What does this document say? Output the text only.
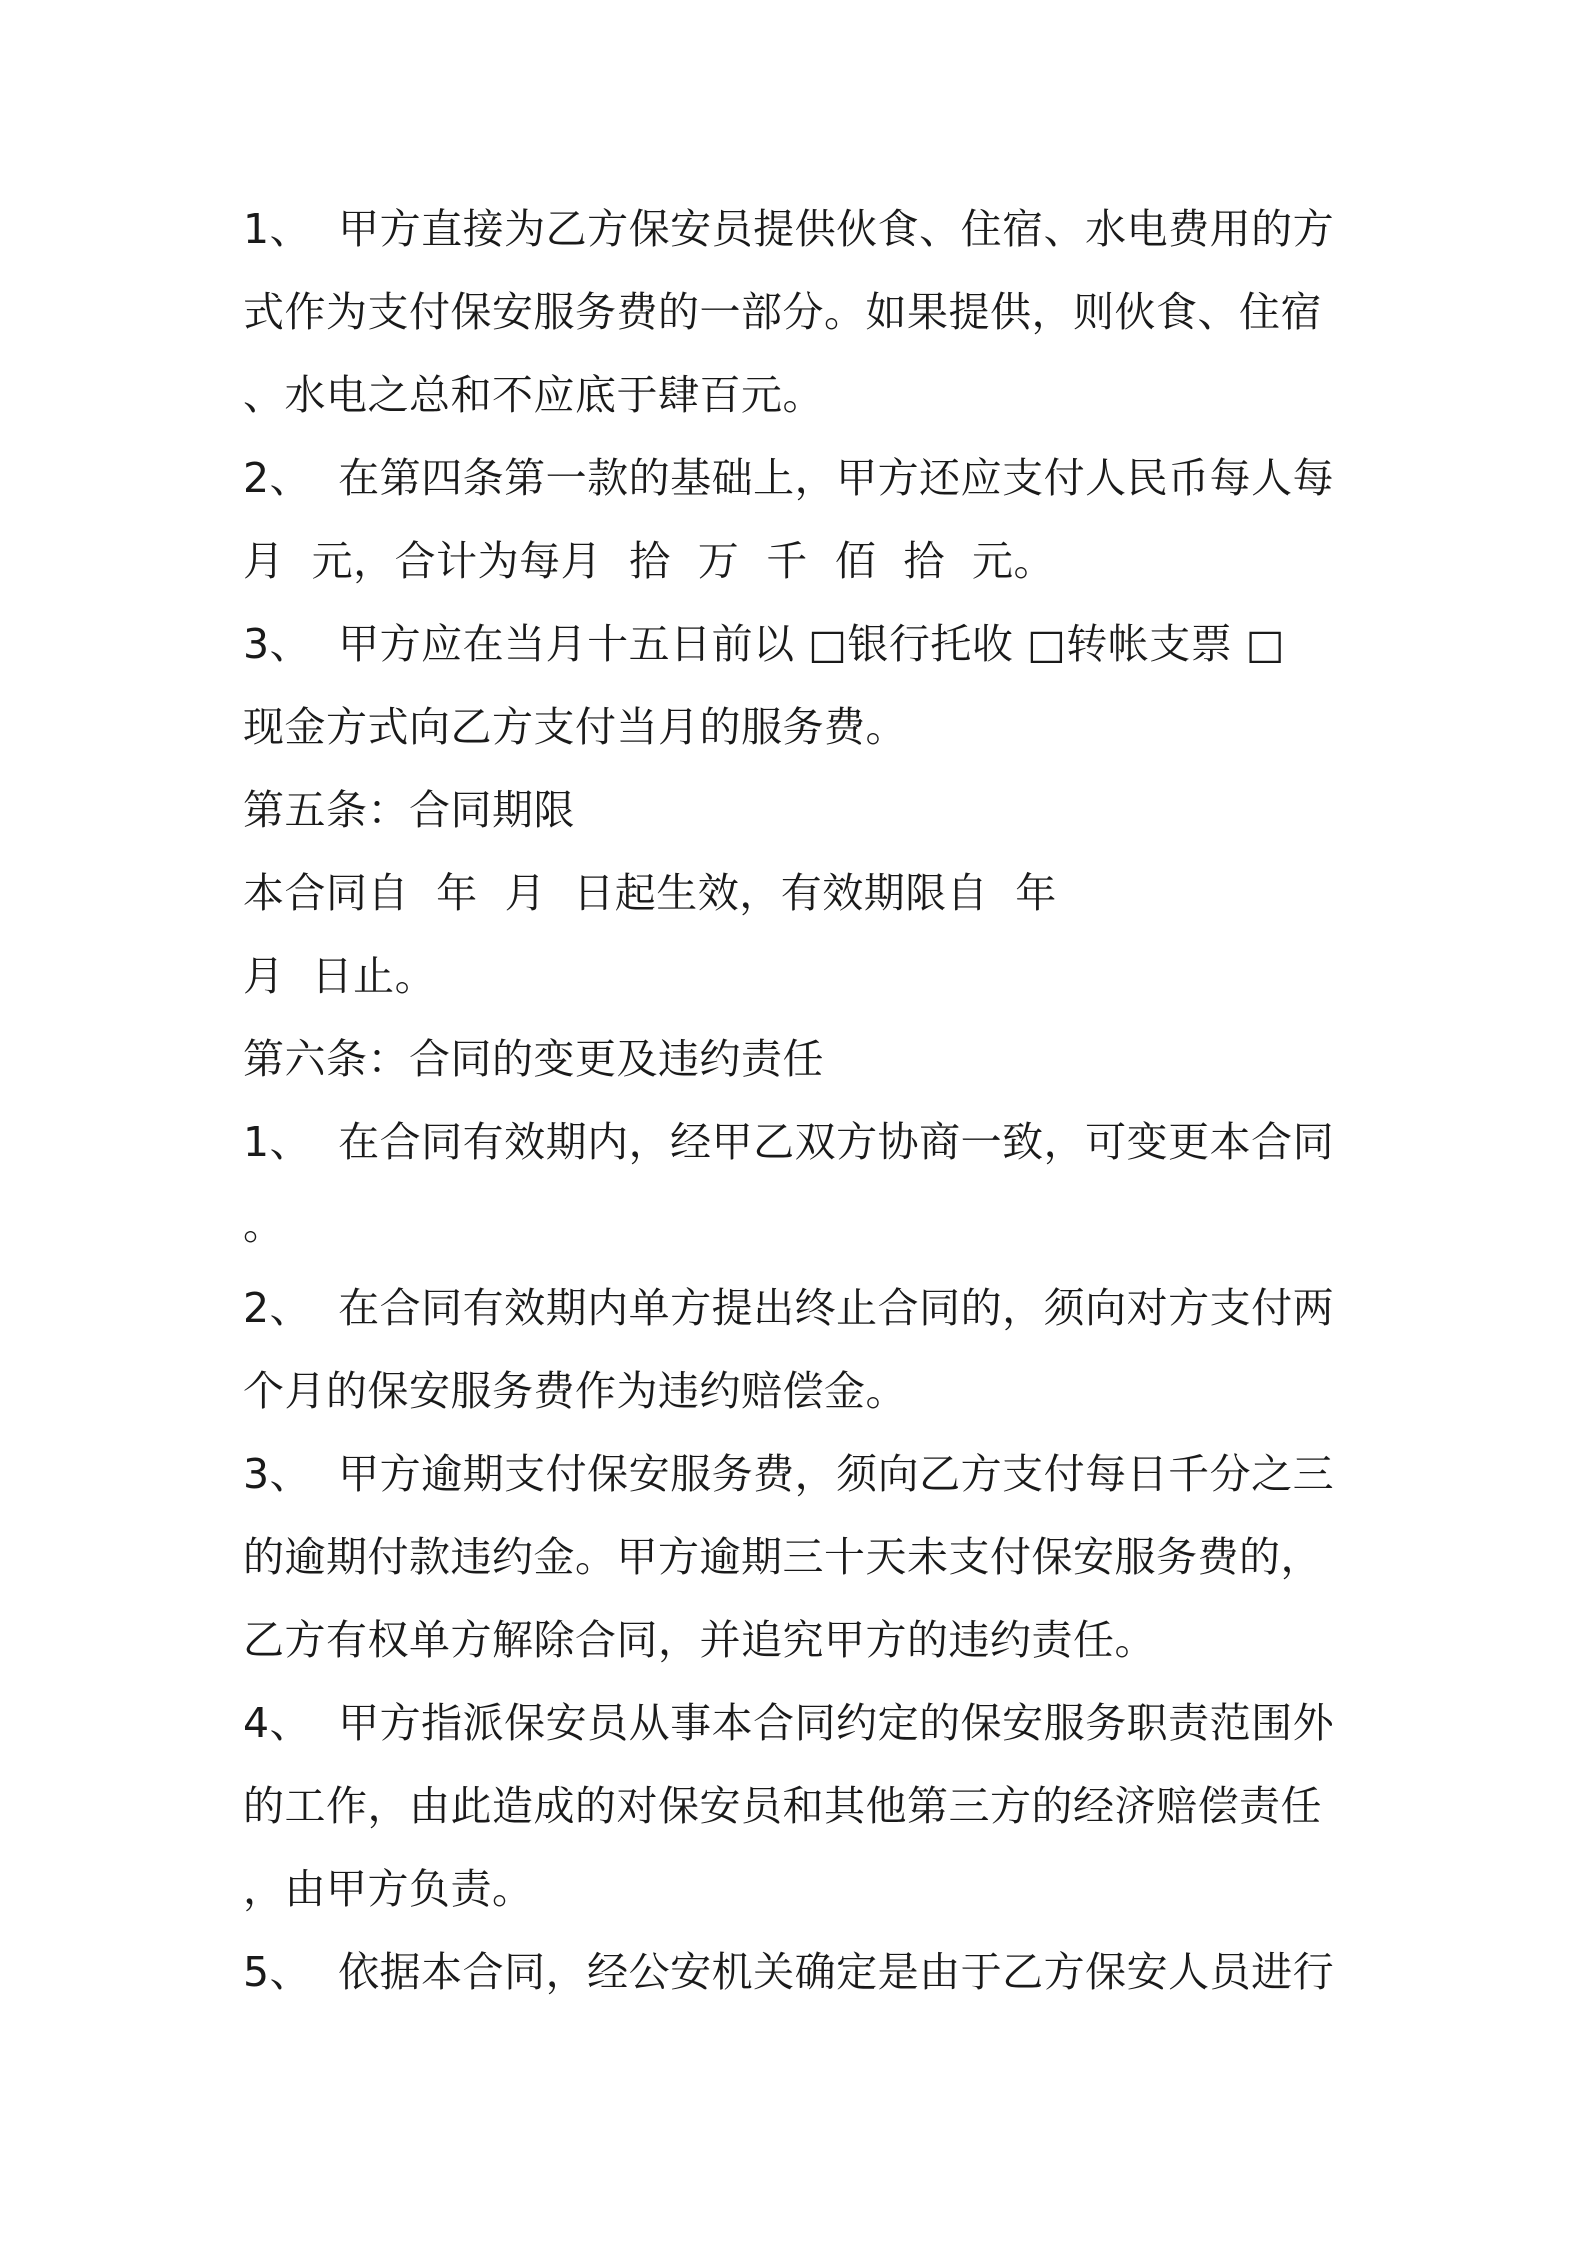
1、  甲方直接为乙方保安员提供伙食、住宿、水电费用的方
式作为支付保安服务费的一部分。如果提供，则伙食、住宿
、水电之总和不应底于肆百元。
2、  在第四条第一款的基础上，甲方还应支付人民币每人每
月  元，合计为每月  拾  万  千  佰  拾  元。
3、  甲方应在当月十五日前以 □银行托收 □转帐支票 □
现金方式向乙方支付当月的服务费。
第五条：合同期限
本合同自  年  月  日起生效，有效期限自  年
月  日止。
第六条：合同的变更及违约责任
1、  在合同有效期内，经甲乙双方协商一致，可变更本合同
。
2、  在合同有效期内单方提出终止合同的，须向对方支付两
个月的保安服务费作为违约赔偿金。
3、  甲方逾期支付保安服务费，须向乙方支付每日千分之三
的逾期付款违约金。甲方逾期三十天未支付保安服务费的，
乙方有权单方解除合同，并追究甲方的违约责任。
4、  甲方指派保安员从事本合同约定的保安服务职责范围外
的工作，由此造成的对保安员和其他第三方的经济赔偿责任
，由甲方负责。
5、  依据本合同，经公安机关确定是由于乙方保安人员进行
